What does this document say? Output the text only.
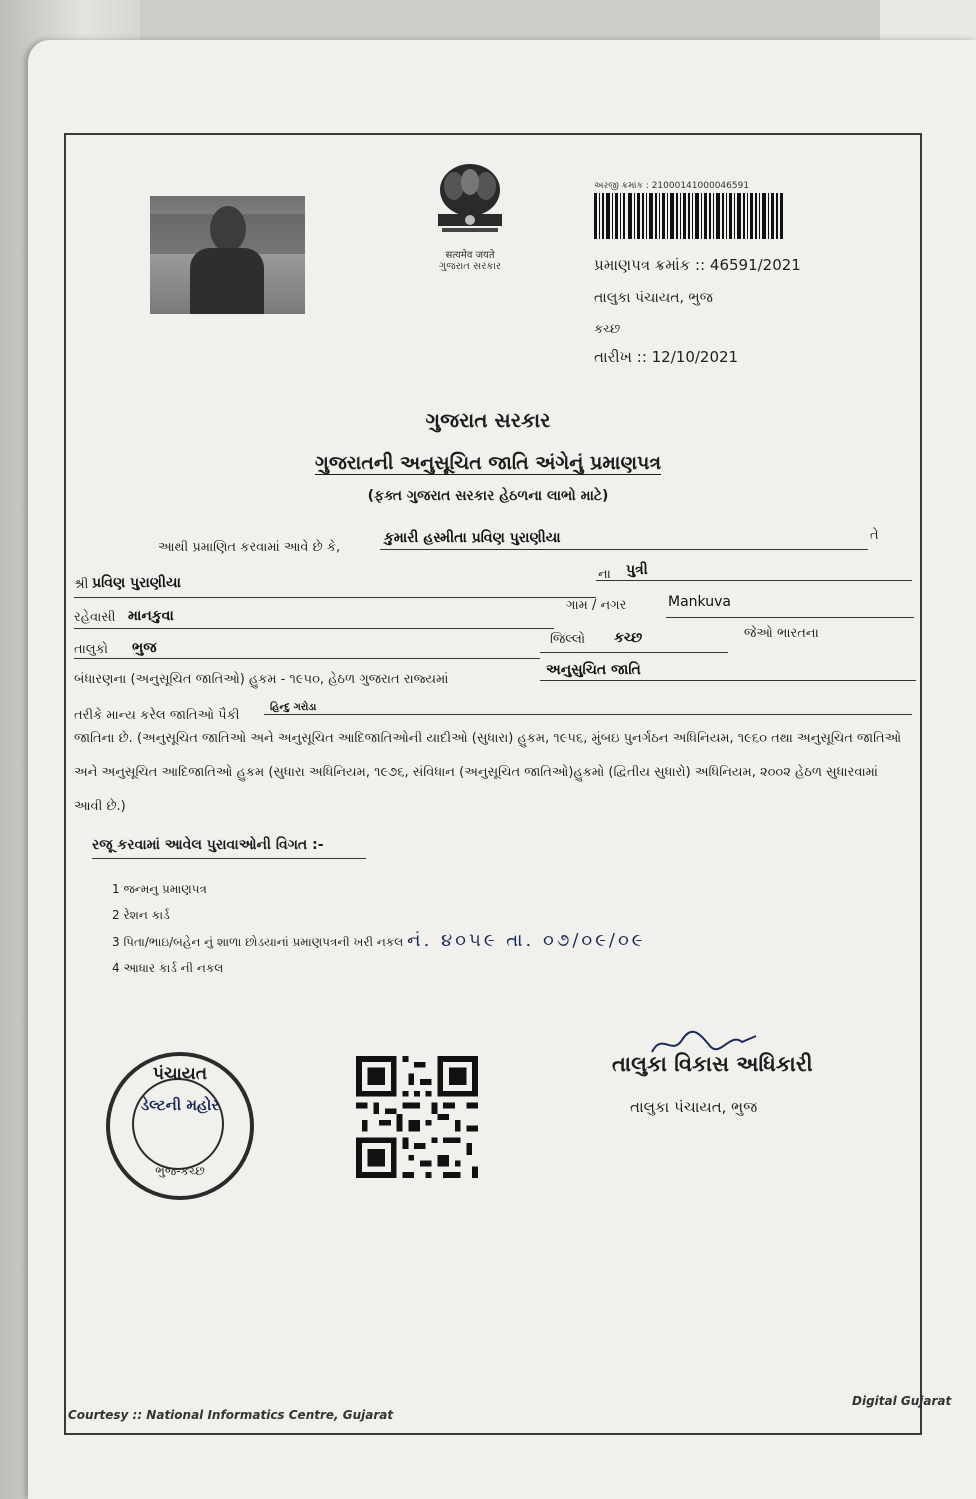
सत्यमेव जयते
ગુજરાત સરકાર
અરજી ક્રમાંક : 21000141000046591
પ્રમાણપત્ર ક્રમાંક :: 46591/2021
તાલુકા પંચાયત, ભુજ
કચ્છ
તારીખ :: 12/10/2021
ગુજરાત સરકાર
ગુજરાતની અનુસૂચિત જાતિ અંગેનું પ્રમાણપત્ર
(ફક્ત ગુજરાત સરકાર હેઠળના લાભો માટે)
આથી પ્રમાણિત કરવામાં આવે છે કે,
કુમારી હસ્મીતા પ્રવિણ પુરાણીયા	તે
શ્રી પ્રવિણ પુરાણીયા
ના પુત્રી
રહેવાસી માનકુવા
ગામ / નગર	Mankuva
તાલુકો ભુજ
જિલ્લો કચ્છ	જેઓ ભારતના
બંધારણના (અનુસૂચિત જાતિઓ) હુકમ - ૧૯૫૦, હેઠળ ગુજરાત રાજ્યમાં
અનુસુચિત જાતિ
તરીકે માન્ય કરેલ જાતિઓ પૈકી
હિન્દુ ગરોડા
જાતિના છે. (અનુસૂચિત જાતિઓ અને અનુસૂચિત આદિજાતિઓની યાદીઓ (સુધારા) હુકમ, ૧૯૫૬, મુંબઇ પુનર્ગઠન અધિનિયમ, ૧૯૬૦ તથા અનુસૂચિત જાતિઓ અને અનુસૂચિત આદિજાતિઓ હુકમ (સુધારા અધિનિયમ, ૧૯૭૬, સંવિધાન (અનુસૂચિત જાતિઓ)હુકમો (દ્વિતીય સુધારો) અધિનિયમ, ૨૦૦૨ હેઠળ સુધારવામાં આવી છે.)
રજૂ કરવામાં આવેલ પુરાવાઓની વિગત :-
1 જન્મનુ પ્રમાણપત્ર
2 રેશન કાર્ડ
3 પિતા/ભાઇ/બહેન નું શાળા છોડયાનાં પ્રમાણપત્રની ખરી નકલ નં. ૪૦૫૯ તા. ૦૭/૦૯/૦૯
4 આધાર કાર્ડ ની નકલ
પંચાયત
ડેલ્ટની મહોર
ભુજ-કચ્છ
તાલુકા વિકાસ અધિકારી
તાલુકા પંચાયત, ભુજ
Courtesy :: National Informatics Centre, Gujarat
Digital Gujarat
